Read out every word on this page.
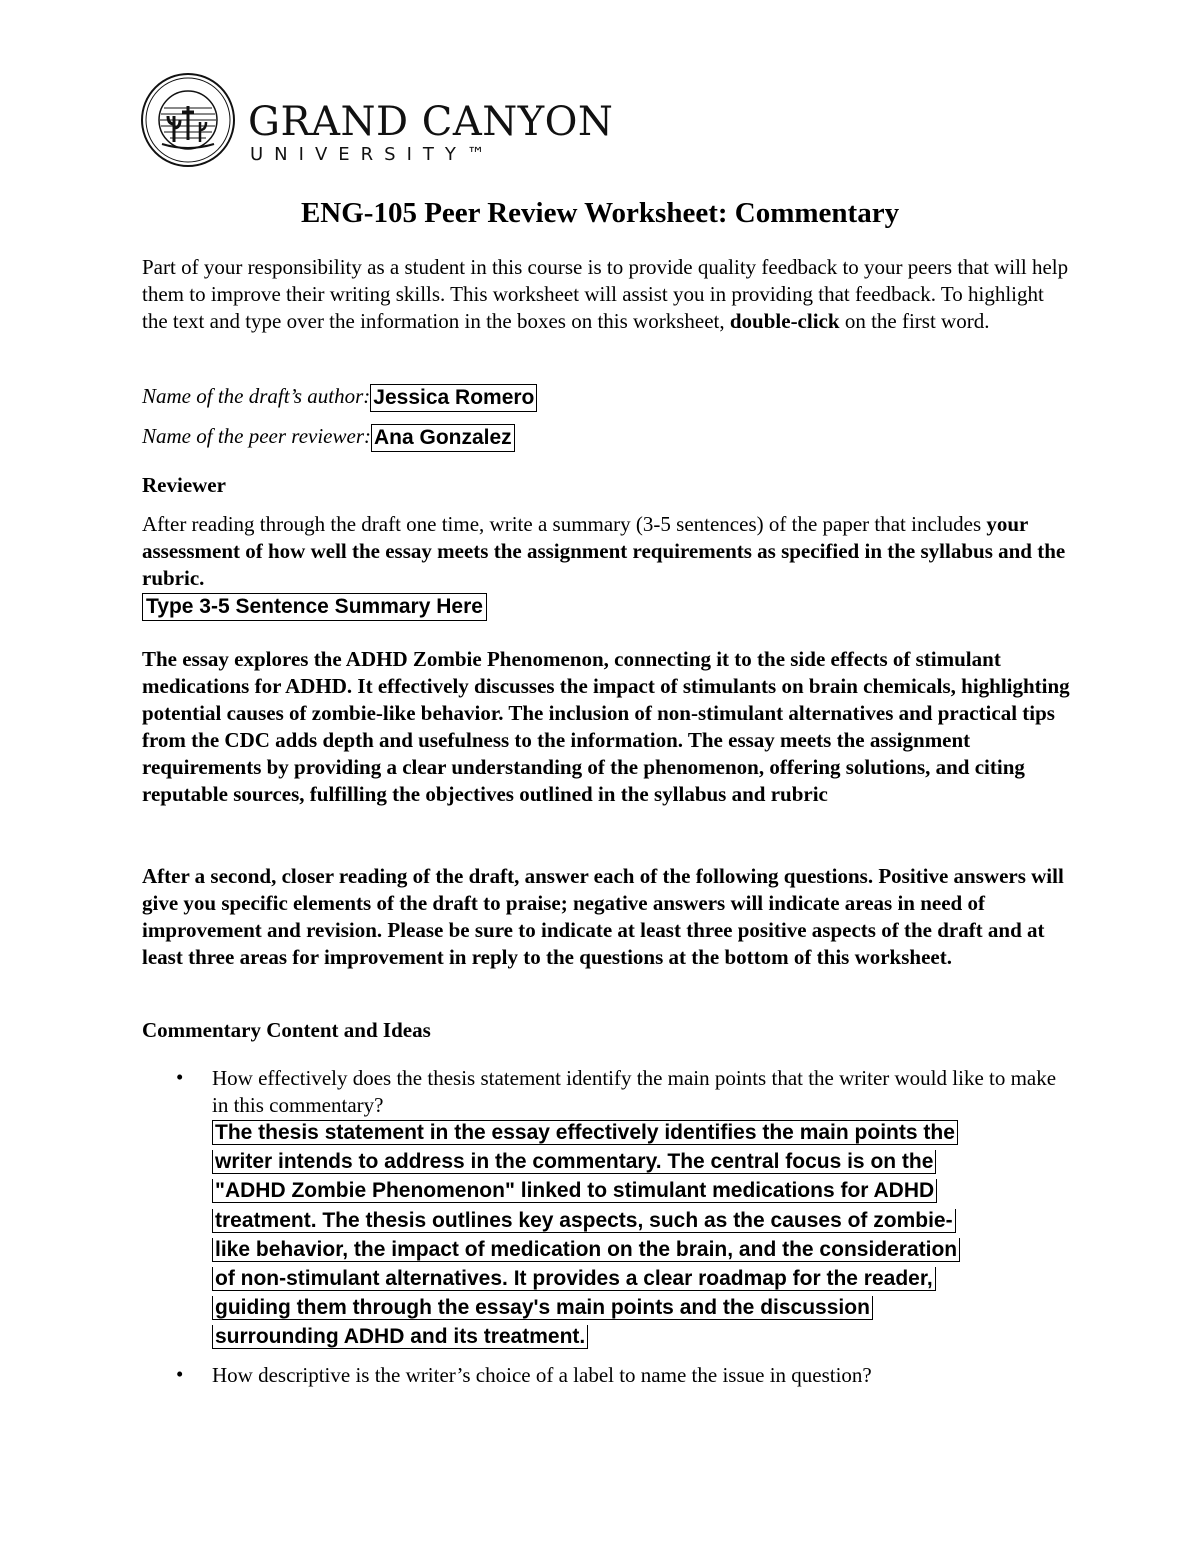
GRAND CANYON
UNIVERSITY™
ENG-105 Peer Review Worksheet: Commentary

Part of your responsibility as a student in this course is to provide quality feedback to your peers that will help them to improve their writing skills. This worksheet will assist you in providing that feedback. To highlight the text and type over the information in the boxes on this worksheet, double-click on the first word.

Name of the draft’s author: Jessica Romero
Name of the peer reviewer: Ana Gonzalez
Reviewer

After reading through the draft one time, write a summary (3-5 sentences) of the paper that includes your assessment of how well the essay meets the assignment requirements as specified in the syllabus and the rubric.

Type 3-5 Sentence Summary Here

The essay explores the ADHD Zombie Phenomenon, connecting it to the side effects of stimulant medications for ADHD. It effectively discusses the impact of stimulants on brain chemicals, highlighting potential causes of zombie-like behavior. The inclusion of non-stimulant alternatives and practical tips from the CDC adds depth and usefulness to the information. The essay meets the assignment requirements by providing a clear understanding of the phenomenon, offering solutions, and citing reputable sources, fulfilling the objectives outlined in the syllabus and rubric

After a second, closer reading of the draft, answer each of the following questions. Positive answers will give you specific elements of the draft to praise; negative answers will indicate areas in need of improvement and revision. Please be sure to indicate at least three positive aspects of the draft and at least three areas for improvement in reply to the questions at the bottom of this worksheet.

Commentary Content and Ideas
• How effectively does the thesis statement identify the main points that the writer would like to make in this commentary?

The thesis statement in the essay effectively identifies the main points the
writer intends to address in the commentary. The central focus is on the
"ADHD Zombie Phenomenon" linked to stimulant medications for ADHD
treatment. The thesis outlines key aspects, such as the causes of zombie-
like behavior, the impact of medication on the brain, and the consideration
of non-stimulant alternatives. It provides a clear roadmap for the reader,
guiding them through the essay's main points and the discussion
surrounding ADHD and its treatment.
• How descriptive is the writer’s choice of a label to name the issue in question?
